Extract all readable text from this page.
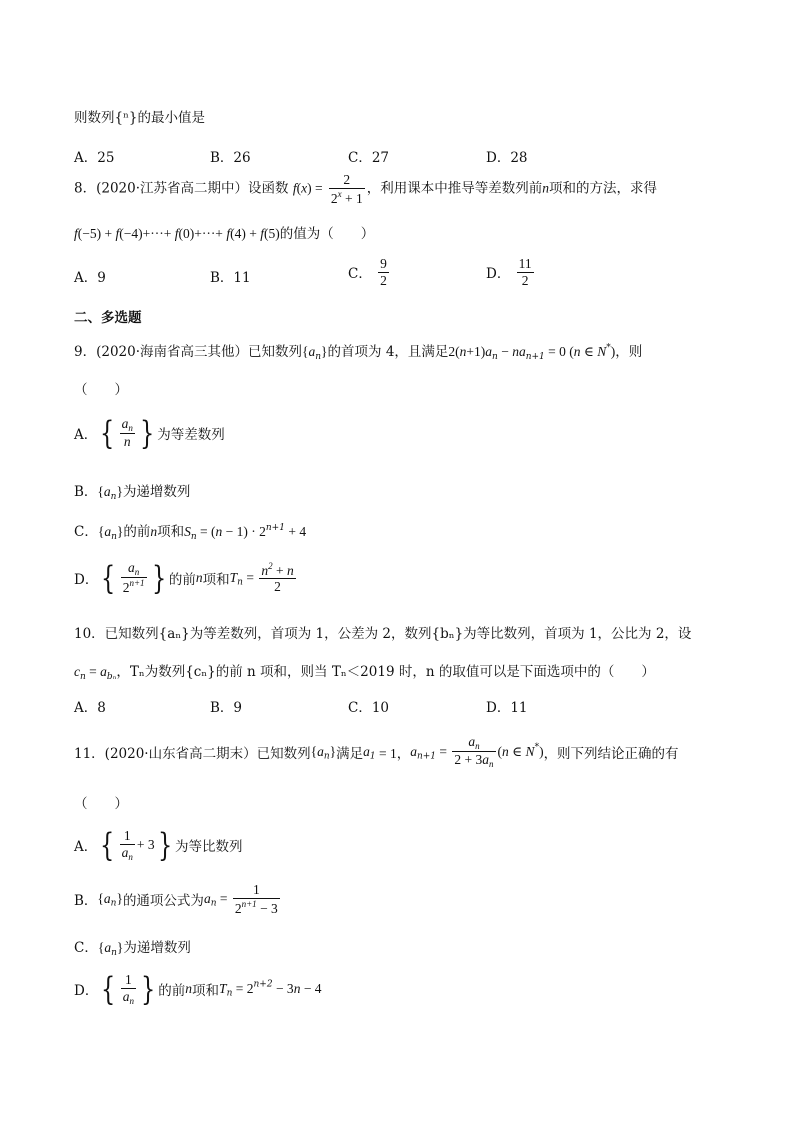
则数列{ⁿ}的最小值是
A．25	B．26	C．27	D．28
8．(2020·江苏省高二期中）设函数 $f(x) = \frac{2}{2^x + 1}$ ，利用课本中推导等差数列前n项和的方法，求得
f(−5) + f(−4)+···+ f(0)+···+ f(4) + f(5)的值为（　　）
A．9	B．11	C． $\frac{9}{2}$	D． $\frac{11}{2}$
二、多选题
9．(2020·海南省高三其他）已知数列$\{a_n\}$的首项为 4，且满足$2(n+1)a_n - na_{n+1} = 0$ (n ∈ N*)，则
（　　）
A．{ $\frac{a_n}{n}$ } 为等差数列
B．$\{a_n\}$为递增数列
C．$\{a_n\}$的前n项和$S_n = (n - 1) \cdot 2^{n+1} + 4$
D．{ $\frac{a_n}{2^{n+1}}$ } 的前n项和$T_n = \frac{n^2 + n}{2}$
10．已知数列{aₙ}为等差数列，首项为 1，公差为 2，数列{bₙ}为等比数列，首项为 1，公比为 2，设
$c_n = a_{b_n}$，Tₙ为数列{cₙ}的前 n 项和，则当 Tₙ＜2019 时，n 的取值可以是下面选项中的（　　）
A．8	B．9	C．10	D．11
11．(2020·山东省高二期末）已知数列$\{a_n\}$满足$a_1 = 1$，$a_{n+1} = \frac{a_n}{2 + 3a_n} (n$ ∈ N*)，则下列结论正确的有
（　　）
A．{ $\frac{1}{a_n} + 3$} 为等比数列
B．$\{a_n\}$的通项公式为$a_n = \frac{1}{2^{n+1} - 3}$
C．$\{a_n\}$为递增数列
D．{ $\frac{1}{a_n}$ } 的前n项和$T_n = 2^{n+2} - 3n - 4$
